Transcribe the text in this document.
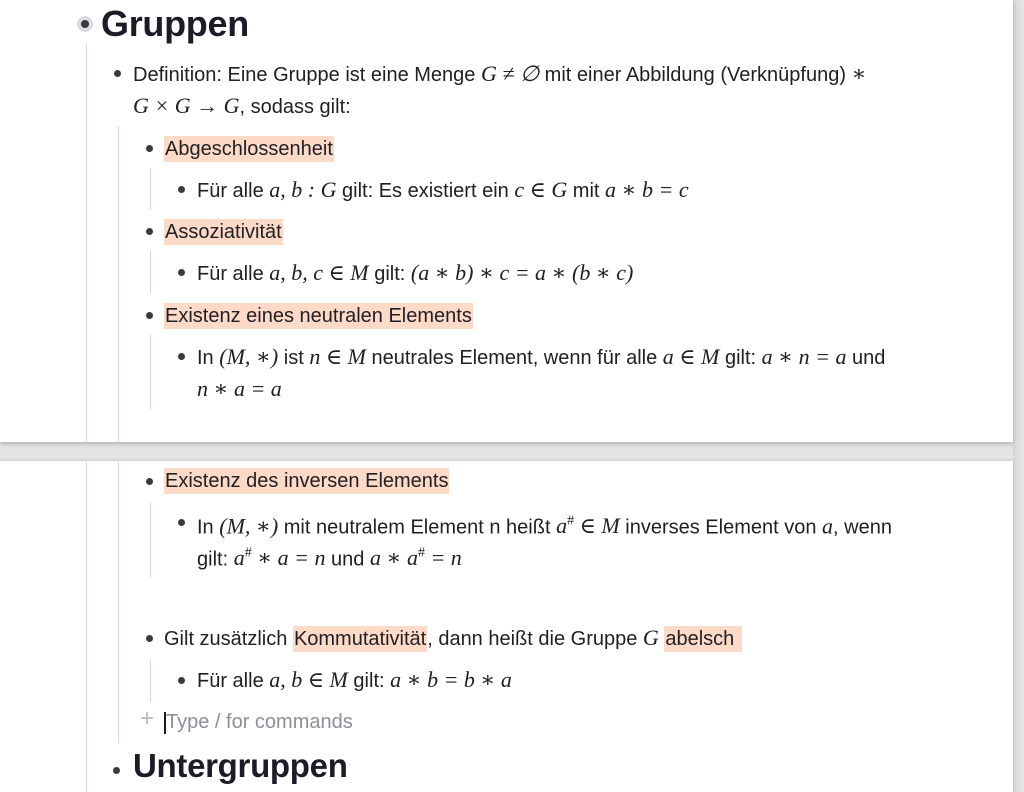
Gruppen
Definition: Eine Gruppe ist eine Menge G ≠ ∅ mit einer Abbildung (Verknüpfung) ∗
G × G → G, sodass gilt:
Abgeschlossenheit
Für alle a, b : G gilt: Es existiert ein c ∈ G mit a ∗ b = c
Assoziativität
Für alle a, b, c ∈ M gilt: (a ∗ b) ∗ c = a ∗ (b ∗ c)
Existenz eines neutralen Elements
In (M, ∗) ist n ∈ M neutrales Element, wenn für alle a ∈ M gilt: a ∗ n = a und
n ∗ a = a
Existenz des inversen Elements
In (M, ∗) mit neutralem Element n heißt a# ∈ M inverses Element von a, wenn
gilt: a# ∗ a = n und a ∗ a# = n
Gilt zusätzlich Kommutativität, dann heißt die Gruppe G abelsch
Für alle a, b ∈ M gilt: a ∗ b = b ∗ a
+ Type / for commands
Untergruppen
